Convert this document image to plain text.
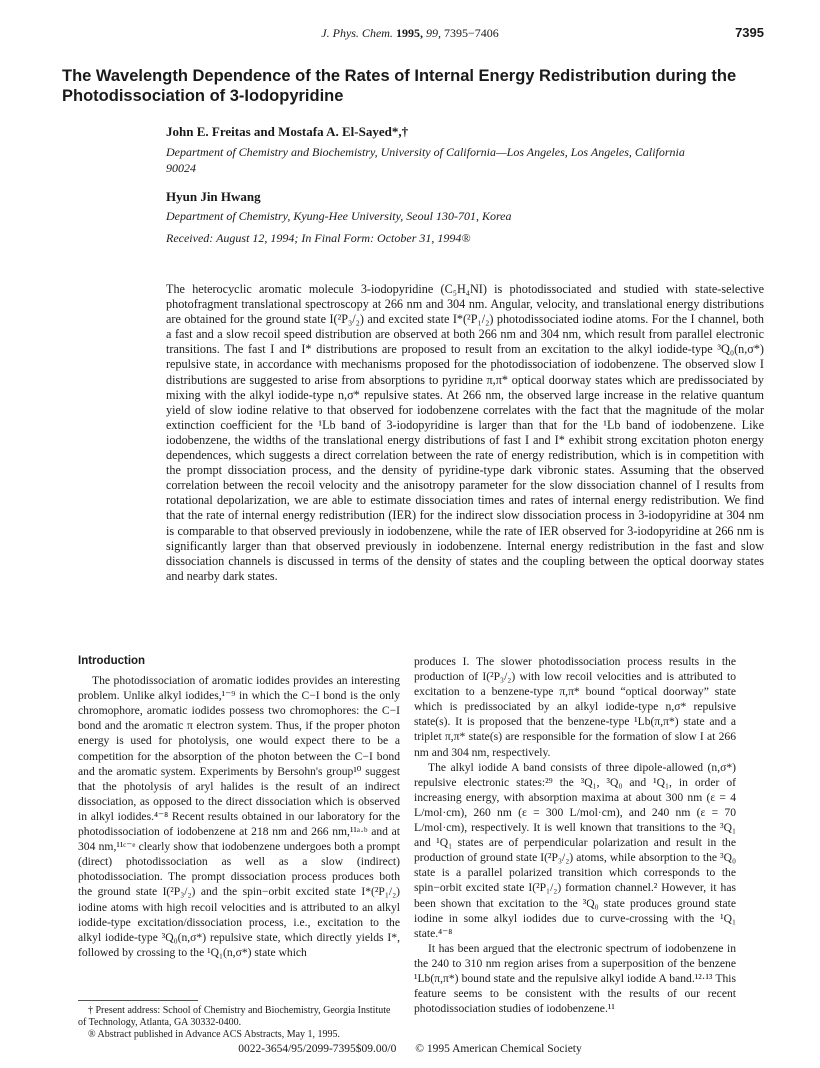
J. Phys. Chem. 1995, 99, 7395−7406	7395
The Wavelength Dependence of the Rates of Internal Energy Redistribution during the Photodissociation of 3-Iodopyridine

John E. Freitas and Mostafa A. El-Sayed*,†

Department of Chemistry and Biochemistry, University of California—Los Angeles, Los Angeles, California 90024

Hyun Jin Hwang

Department of Chemistry, Kyung-Hee University, Seoul 130-701, Korea

Received: August 12, 1994; In Final Form: October 31, 1994®

The heterocyclic aromatic molecule 3-iodopyridine (C₅H₄NI) is photodissociated and studied with state-selective photofragment translational spectroscopy at 266 nm and 304 nm. Angular, velocity, and translational energy distributions are obtained for the ground state I(²P₃/₂) and excited state I*(²P₁/₂) photodissociated iodine atoms. For the I channel, both a fast and a slow recoil speed distribution are observed at both 266 nm and 304 nm, which result from parallel electronic transitions. The fast I and I* distributions are proposed to result from an excitation to the alkyl iodide-type ³Q₀(n,σ*) repulsive state, in accordance with mechanisms proposed for the photodissociation of iodobenzene. The observed slow I distributions are suggested to arise from absorptions to pyridine π,π* optical doorway states which are predissociated by mixing with the alkyl iodide-type n,σ* repulsive states. At 266 nm, the observed large increase in the relative quantum yield of slow iodine relative to that observed for iodobenzene correlates with the fact that the magnitude of the molar extinction coefficient for the ¹Lb band of 3-iodopyridine is larger than that for the ¹Lb band of iodobenzene. Like iodobenzene, the widths of the translational energy distributions of fast I and I* exhibit strong excitation photon energy dependences, which suggests a direct correlation between the rate of energy redistribution, which is in competition with the prompt dissociation process, and the density of pyridine-type dark vibronic states. Assuming that the observed correlation between the recoil velocity and the anisotropy parameter for the slow dissociation channel of I results from rotational depolarization, we are able to estimate dissociation times and rates of internal energy redistribution. We find that the rate of internal energy redistribution (IER) for the indirect slow dissociation process in 3-iodopyridine at 304 nm is comparable to that observed previously in iodobenzene, while the rate of IER observed for 3-iodopyridine at 266 nm is significantly larger than that observed previously in iodobenzene. Internal energy redistribution in the fast and slow dissociation channels is discussed in terms of the density of states and the coupling between the optical doorway states and nearby dark states.

Introduction

The photodissociation of aromatic iodides provides an interesting problem. Unlike alkyl iodides,¹⁻⁹ in which the C−I bond is the only chromophore, aromatic iodides possess two chromophores: the C−I bond and the aromatic π electron system. Thus, if the proper photon energy is used for photolysis, one would expect there to be a competition for the absorption of the photon between the C−I bond and the aromatic system. Experiments by Bersohn's group¹⁰ suggest that the photolysis of aryl halides is the result of an indirect dissociation, as opposed to the direct dissociation which is observed in alkyl iodides.⁴⁻⁸ Recent results obtained in our laboratory for the photodissociation of iodobenzene at 218 nm and 266 nm,¹¹ᵃ·ᵇ and at 304 nm,¹¹ᶜ⁻ᵉ clearly show that iodobenzene undergoes both a prompt (direct) photodissociation as well as a slow (indirect) photodissociation. The prompt dissociation process produces both the ground state I(²P₃/₂) and the spin−orbit excited state I*(²P₁/₂) iodine atoms with high recoil velocities and is attributed to an alkyl iodide-type excitation/dissociation process, i.e., excitation to the alkyl iodide-type ³Q₀(n,σ*) repulsive state, which directly yields I*, followed by crossing to the ¹Q₁(n,σ*) state which

produces I. The slower photodissociation process results in the production of I(²P₃/₂) with low recoil velocities and is attributed to excitation to a benzene-type π,π* bound “optical doorway” state which is predissociated by an alkyl iodide-type n,σ* repulsive state(s). It is proposed that the benzene-type ¹Lb(π,π*) state and a triplet π,π* state(s) are responsible for the formation of slow I at 266 nm and 304 nm, respectively.

The alkyl iodide A band consists of three dipole-allowed (n,σ*) repulsive electronic states:²⁹ the ³Q₁, ³Q₀ and ¹Q₁, in order of increasing energy, with absorption maxima at about 300 nm (ε = 4 L/mol·cm), 260 nm (ε = 300 L/mol·cm), and 240 nm (ε = 70 L/mol·cm), respectively. It is well known that transitions to the ³Q₁ and ¹Q₁ states are of perpendicular polarization and result in the production of ground state I(²P₃/₂) atoms, while absorption to the ³Q₀ state is a parallel polarized transition which corresponds to the spin−orbit excited state I(²P₁/₂) formation channel.² However, it has been shown that excitation to the ³Q₀ state produces ground state iodine in some alkyl iodides due to curve-crossing with the ¹Q₁ state.⁴⁻⁸

It has been argued that the electronic spectrum of iodobenzene in the 240 to 310 nm region arises from a superposition of the benzene ¹Lb(π,π*) bound state and the repulsive alkyl iodide A band.¹²·¹³ This feature seems to be consistent with the results of our recent photodissociation studies of iodobenzene.¹¹

† Present address: School of Chemistry and Biochemistry, Georgia Institute of Technology, Atlanta, GA 30332-0400.

® Abstract published in Advance ACS Abstracts, May 1, 1995.

0022-3654/95/2099-7395$09.00/0 © 1995 American Chemical Society
